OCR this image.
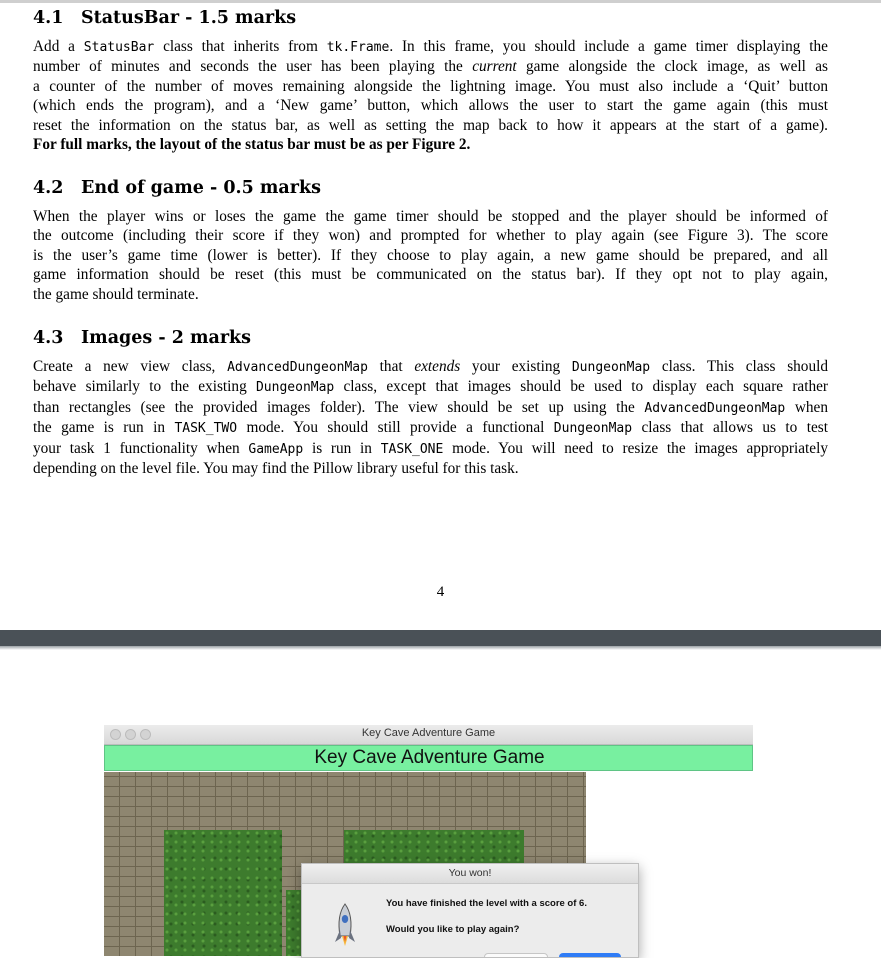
4.1 StatusBar - 1.5 marks
Add a StatusBar class that inherits from tk.Frame. In this frame, you should include a game timer displaying the
number of minutes and seconds the user has been playing the current game alongside the clock image, as well as
a counter of the number of moves remaining alongside the lightning image. You must also include a ‘Quit’ button
(which ends the program), and a ‘New game’ button, which allows the user to start the game again (this must
reset the information on the status bar, as well as setting the map back to how it appears at the start of a game).
For full marks, the layout of the status bar must be as per Figure 2.
4.2 End of game - 0.5 marks
When the player wins or loses the game the game timer should be stopped and the player should be informed of
the outcome (including their score if they won) and prompted for whether to play again (see Figure 3). The score
is the user’s game time (lower is better). If they choose to play again, a new game should be prepared, and all
game information should be reset (this must be communicated on the status bar). If they opt not to play again,
the game should terminate.
4.3 Images - 2 marks
Create a new view class, AdvancedDungeonMap that extends your existing DungeonMap class. This class should
behave similarly to the existing DungeonMap class, except that images should be used to display each square rather
than rectangles (see the provided images folder). The view should be set up using the AdvancedDungeonMap when
the game is run in TASK_TWO mode. You should still provide a functional DungeonMap class that allows us to test
your task 1 functionality when GameApp is run in TASK_ONE mode. You will need to resize the images appropriately
depending on the level file. You may find the Pillow library useful for this task.
4
Key Cave Adventure Game
Key Cave Adventure Game
You won!
You have finished the level with a score of 6.
Would you like to play again?
